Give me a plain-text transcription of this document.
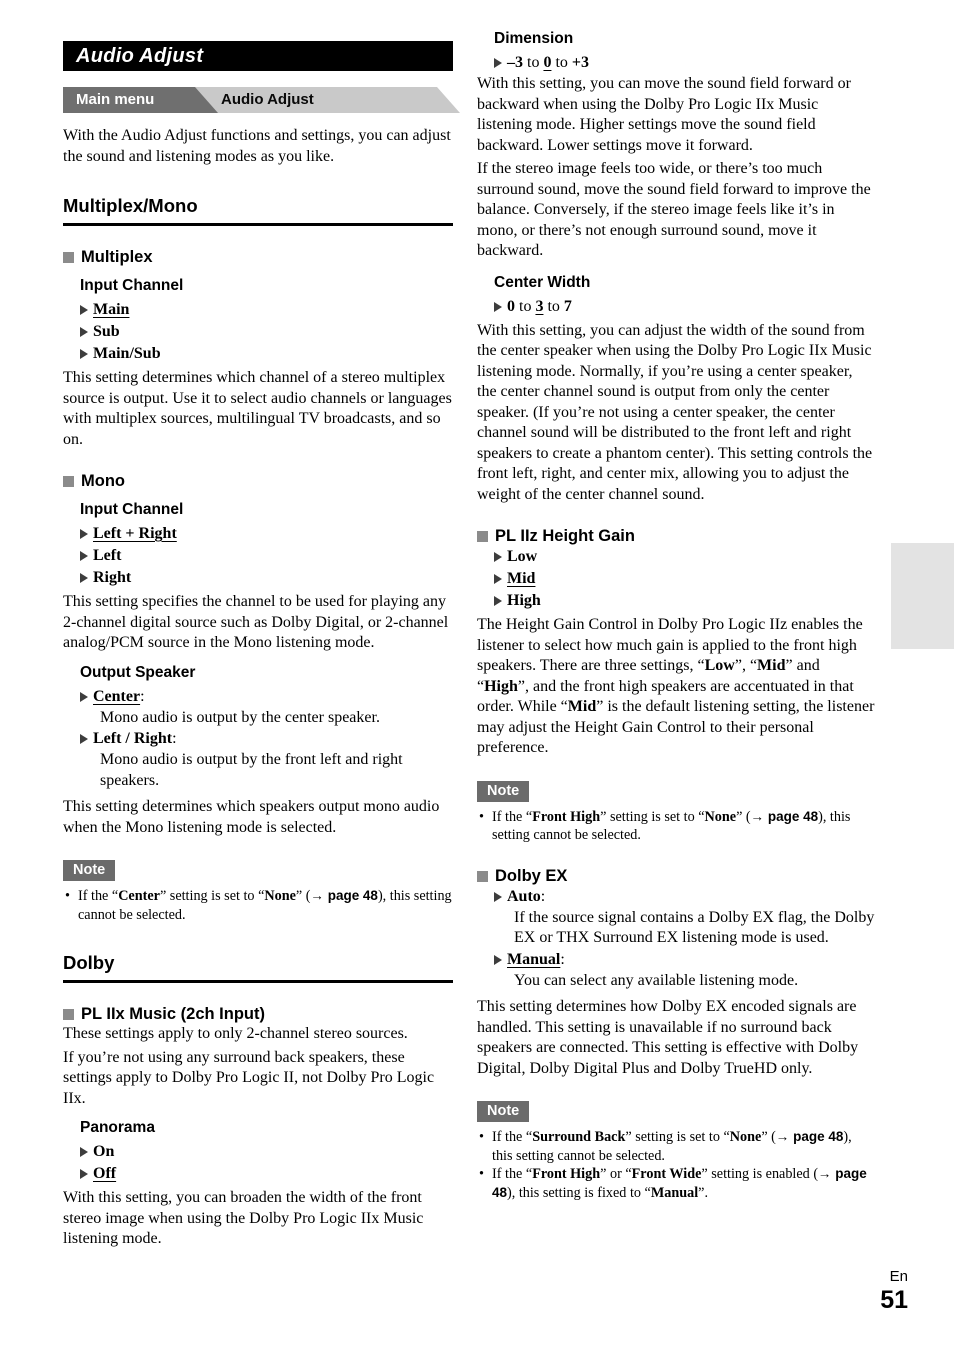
Audio Adjust
Main menu	Audio Adjust

With the Audio Adjust functions and settings, you can adjust the sound and listening modes as you like.

Multiplex/Mono
Multiplex
Input Channel
Main
Sub
Main/Sub

This setting determines which channel of a stereo multiplex source is output. Use it to select audio channels or languages with multiplex sources, multilingual TV broadcasts, and so on.

Mono
Input Channel
Left + Right
Left
Right

This setting specifies the channel to be used for playing any 2-channel digital source such as Dolby Digital, or 2-channel analog/PCM source in the Mono listening mode.

Output Speaker
Center:
Mono audio is output by the center speaker.
Left / Right:
Mono audio is output by the front left and right speakers.

This setting determines which speakers output mono audio when the Mono listening mode is selected.

Note
• If the “Center” setting is set to “None” (→ page 48), this setting cannot be selected.
Dolby
PL IIx Music (2ch Input)

These settings apply to only 2-channel stereo sources.

If you’re not using any surround back speakers, these settings apply to Dolby Pro Logic II, not Dolby Pro Logic IIx.

Panorama
On
Off

With this setting, you can broaden the width of the front stereo image when using the Dolby Pro Logic IIx Music listening mode.

Dimension
–3 to 0 to +3

With this setting, you can move the sound field forward or backward when using the Dolby Pro Logic IIx Music listening mode. Higher settings move the sound field backward. Lower settings move it forward.

If the stereo image feels too wide, or there’s too much surround sound, move the sound field forward to improve the balance. Conversely, if the stereo image feels like it’s in mono, or there’s not enough surround sound, move it backward.

Center Width
0 to 3 to 7

With this setting, you can adjust the width of the sound from the center speaker when using the Dolby Pro Logic IIx Music listening mode. Normally, if you’re using a center speaker, the center channel sound is output from only the center speaker. (If you’re not using a center speaker, the center channel sound will be distributed to the front left and right speakers to create a phantom center). This setting controls the front left, right, and center mix, allowing you to adjust the weight of the center channel sound.

PL IIz Height Gain
Low
Mid
High

The Height Gain Control in Dolby Pro Logic IIz enables the listener to select how much gain is applied to the front high speakers. There are three settings, “Low”, “Mid” and “High”, and the front high speakers are accentuated in that order. While “Mid” is the default listening setting, the listener may adjust the Height Gain Control to their personal preference.

Note
• If the “Front High” setting is set to “None” (→ page 48), this setting cannot be selected.
Dolby EX
Auto:
If the source signal contains a Dolby EX flag, the Dolby EX or THX Surround EX listening mode is used.
Manual:
You can select any available listening mode.

This setting determines how Dolby EX encoded signals are handled. This setting is unavailable if no surround back speakers are connected. This setting is effective with Dolby Digital, Dolby Digital Plus and Dolby TrueHD only.

Note
• If the “Surround Back” setting is set to “None” (→ page 48), this setting cannot be selected.
• If the “Front High” or “Front Wide” setting is enabled (→ page 48), this setting is fixed to “Manual”.
En
51
